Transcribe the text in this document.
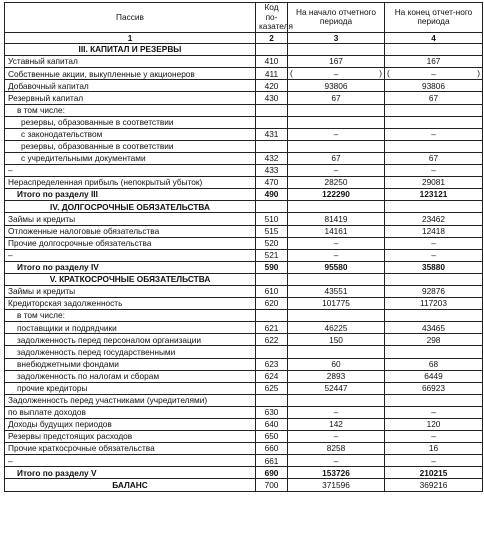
Пассив	Код по-казателя	На начало отчетного периода	На конец отчет-ного периода
1	2	3	4
III. КАПИТАЛ И РЕЗЕРВЫ			
Уставный капитал	410	167	167
Собственные акции, выкупленные у акционеров	411	( – )	( – )

Добавочный капитал	420	93806	93806
Резервный капитал	430	67	67
в том числе:			
резервы, образованные в соответствии			
с законодательством	431	–	–
резервы, образованные в соответствии			
с учредительными документами	432	67	67
–	433	–	–
Нераспределенная прибыль (непокрытый убыток)	470	28250	29081
Итого по разделу III	490	122290	123121
IV. ДОЛГОСРОЧНЫЕ ОБЯЗАТЕЛЬСТВА			
Займы и кредиты	510	81419	23462
Отложенные налоговые обязательства	515	14161	12418
Прочие долгосрочные обязательства	520	–	–
–	521	–	–
Итого по разделу IV	590	95580	35880
V. КРАТКОСРОЧНЫЕ ОБЯЗАТЕЛЬСТВА			
Займы и кредиты	610	43551	92876
Кредиторская задолженность	620	101775	117203
в том числе:			
поставщики и подрядчики	621	46225	43465
задолженность перед персоналом организации	622	150	298
задолженность перед государственными			
внебюджетными фондами	623	60	68
задолженность по налогам и сборам	624	2893	6449
прочие кредиторы	625	52447	66923
Задолженность перед участниками (учредителями)			
по выплате доходов	630	–	–
Доходы будущих периодов	640	142	120
Резервы предстоящих расходов	650	–	–
Прочие краткосрочные обязательства	660	8258	16
–	661	–	–
Итого по разделу V	690	153726	210215
БАЛАНС	700	371596	369216
